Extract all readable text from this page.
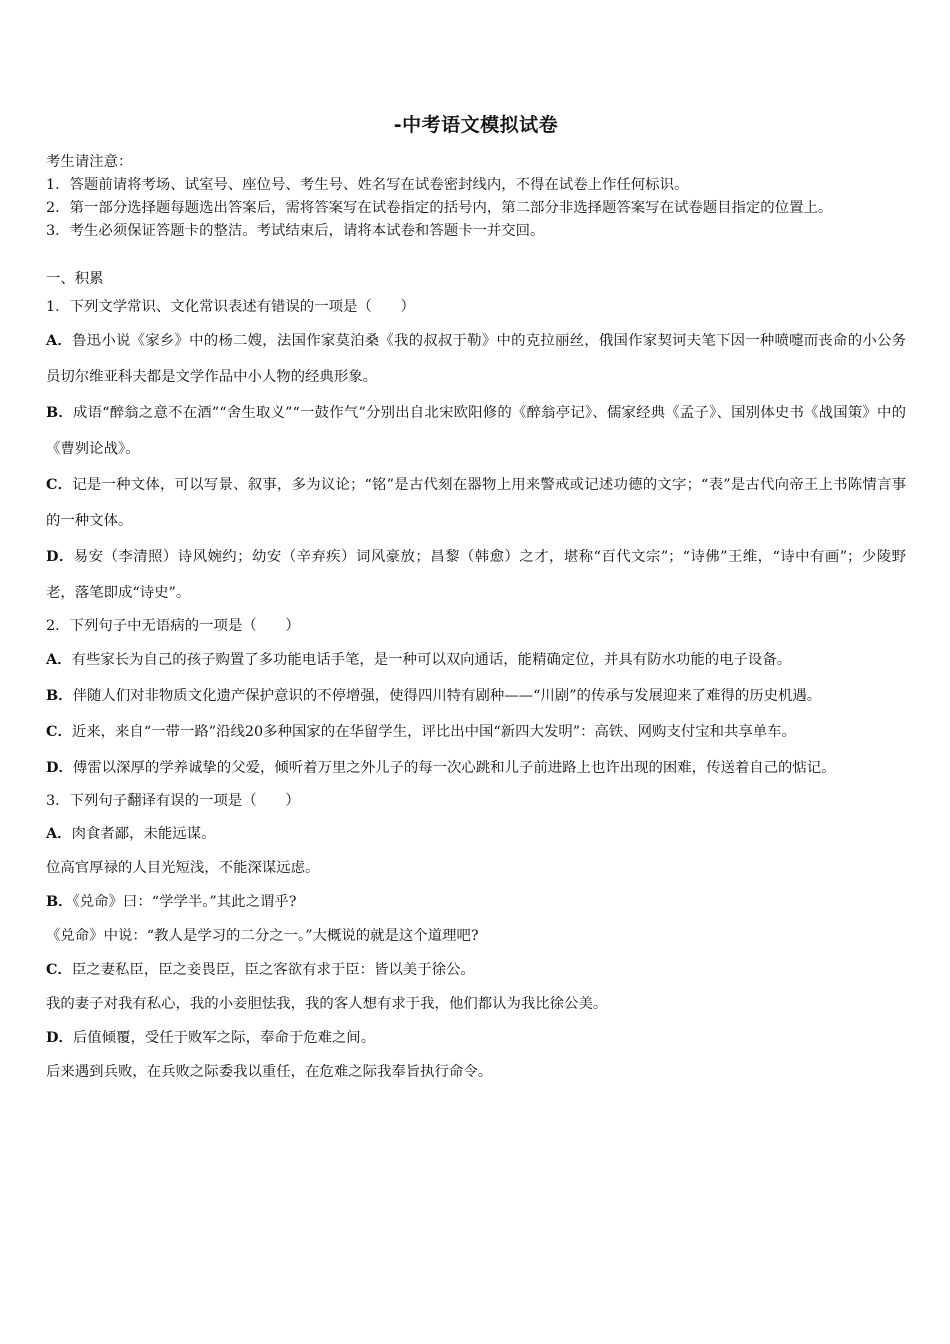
-中考语文模拟试卷

考生请注意：

1．答题前请将考场、试室号、座位号、考生号、姓名写在试卷密封线内，不得在试卷上作任何标识。

2．第一部分选择题每题选出答案后，需将答案写在试卷指定的括号内，第二部分非选择题答案写在试卷题目指定的位置上。

3．考生必须保证答题卡的整洁。考试结束后，请将本试卷和答题卡一并交回。

一、积累

1．下列文学常识、文化常识表述有错误的一项是（　　）

A．鲁迅小说《家乡》中的杨二嫂，法国作家莫泊桑《我的叔叔于勒》中的克拉丽丝，俄国作家契诃夫笔下因一种喷嚏而丧命的小公务员切尔维亚科夫都是文学作品中小人物的经典形象。

B．成语“醉翁之意不在酒”“舍生取义”“一鼓作气”分别出自北宋欧阳修的《醉翁亭记》、儒家经典《孟子》、国别体史书《战国策》中的《曹刿论战》。

C．记是一种文体，可以写景、叙事，多为议论；“铭”是古代刻在器物上用来警戒或记述功德的文字；“表”是古代向帝王上书陈情言事的一种文体。

D．易安（李清照）诗风婉约；幼安（辛弃疾）词风豪放；昌黎（韩愈）之才，堪称“百代文宗”；“诗佛”王维，“诗中有画”；少陵野老，落笔即成“诗史”。

2．下列句子中无语病的一项是（　　）

A．有些家长为自己的孩子购置了多功能电话手笔，是一种可以双向通话，能精确定位，并具有防水功能的电子设备。

B．伴随人们对非物质文化遗产保护意识的不停增强，使得四川特有剧种——“川剧”的传承与发展迎来了难得的历史机遇。

C．近来，来自“一带一路”沿线20多种国家的在华留学生，评比出中国“新四大发明”：高铁、网购支付宝和共享单车。

D．傅雷以深厚的学养诚挚的父爱，倾听着万里之外儿子的每一次心跳和儿子前进路上也许出现的困难，传送着自己的惦记。

3．下列句子翻译有误的一项是（　　）

A．肉食者鄙，未能远谋。

位高官厚禄的人目光短浅，不能深谋远虑。

B．《兑命》曰：“学学半。”其此之谓乎?

《兑命》中说：“教人是学习的二分之一。”大概说的就是这个道理吧?

C．臣之妻私臣，臣之妾畏臣，臣之客欲有求于臣：皆以美于徐公。

我的妻子对我有私心，我的小妾胆怯我，我的客人想有求于我，他们都认为我比徐公美。

D．后值倾覆，受任于败军之际，奉命于危难之间。

后来遇到兵败，在兵败之际委我以重任，在危难之际我奉旨执行命令。
